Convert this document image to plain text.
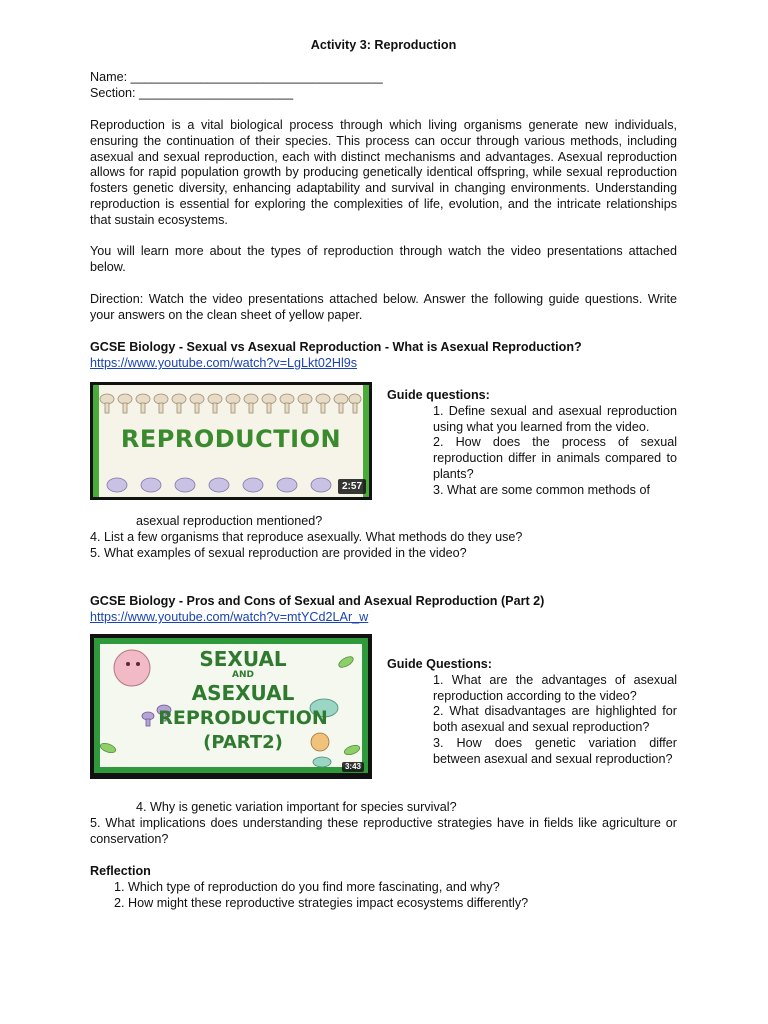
Activity 3: Reproduction
Name: ____________________________________
Section: ______________________
Reproduction is a vital biological process through which living organisms generate new individuals, ensuring the continuation of their species. This process can occur through various methods, including asexual and sexual reproduction, each with distinct mechanisms and advantages. Asexual reproduction allows for rapid population growth by producing genetically identical offspring, while sexual reproduction fosters genetic diversity, enhancing adaptability and survival in changing environments. Understanding reproduction is essential for exploring the complexities of life, evolution, and the intricate relationships that sustain ecosystems.
You will learn more about the types of reproduction through watch the video presentations attached below.
Direction: Watch the video presentations attached below. Answer the following guide questions. Write your answers on the clean sheet of yellow paper.
GCSE Biology - Sexual vs Asexual Reproduction - What is Asexual Reproduction?
https://www.youtube.com/watch?v=LgLkt02Hl9s
REPRODUCTION
2:57
Guide questions:
1. Define sexual and asexual reproduction using what you learned from the video.
2. How does the process of sexual reproduction differ in animals compared to plants?
3. What are some common methods of
asexual reproduction mentioned?
4. List a few organisms that reproduce asexually. What methods do they use?
5. What examples of sexual reproduction are provided in the video?
GCSE Biology - Pros and Cons of Sexual and Asexual Reproduction (Part 2)
https://www.youtube.com/watch?v=mtYCd2LAr_w
SEXUAL
AND
ASEXUAL
REPRODUCTION
(PART2)
3:43
Guide Questions:
1. What are the advantages of asexual reproduction according to the video?
2. What disadvantages are highlighted for both asexual and sexual reproduction?
3. How does genetic variation differ between asexual and sexual reproduction?
4. Why is genetic variation important for species survival?
5. What implications does understanding these reproductive strategies have in fields like agriculture or conservation?
Reflection
1. Which type of reproduction do you find more fascinating, and why?
2. How might these reproductive strategies impact ecosystems differently?
